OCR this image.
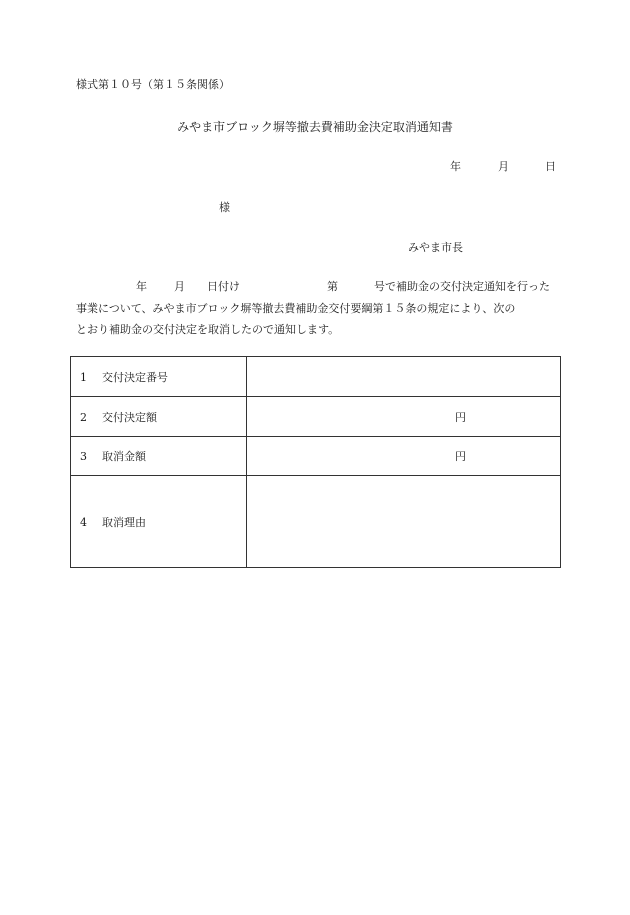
様式第１０号（第１５条関係）
みやま市ブロック塀等撤去費補助金決定取消通知書
年	月	日
様
みやま市長
年 月 日付け	第	号で補助金の交付決定通知を行った
事業について、みやま市ブロック塀等撤去費補助金交付要綱第１５条の規定により、次の
とおり補助金の交付決定を取消したので通知します。
1 交付決定番号	

2 交付決定額	円

3 取消金額	円

4 取消理由	
